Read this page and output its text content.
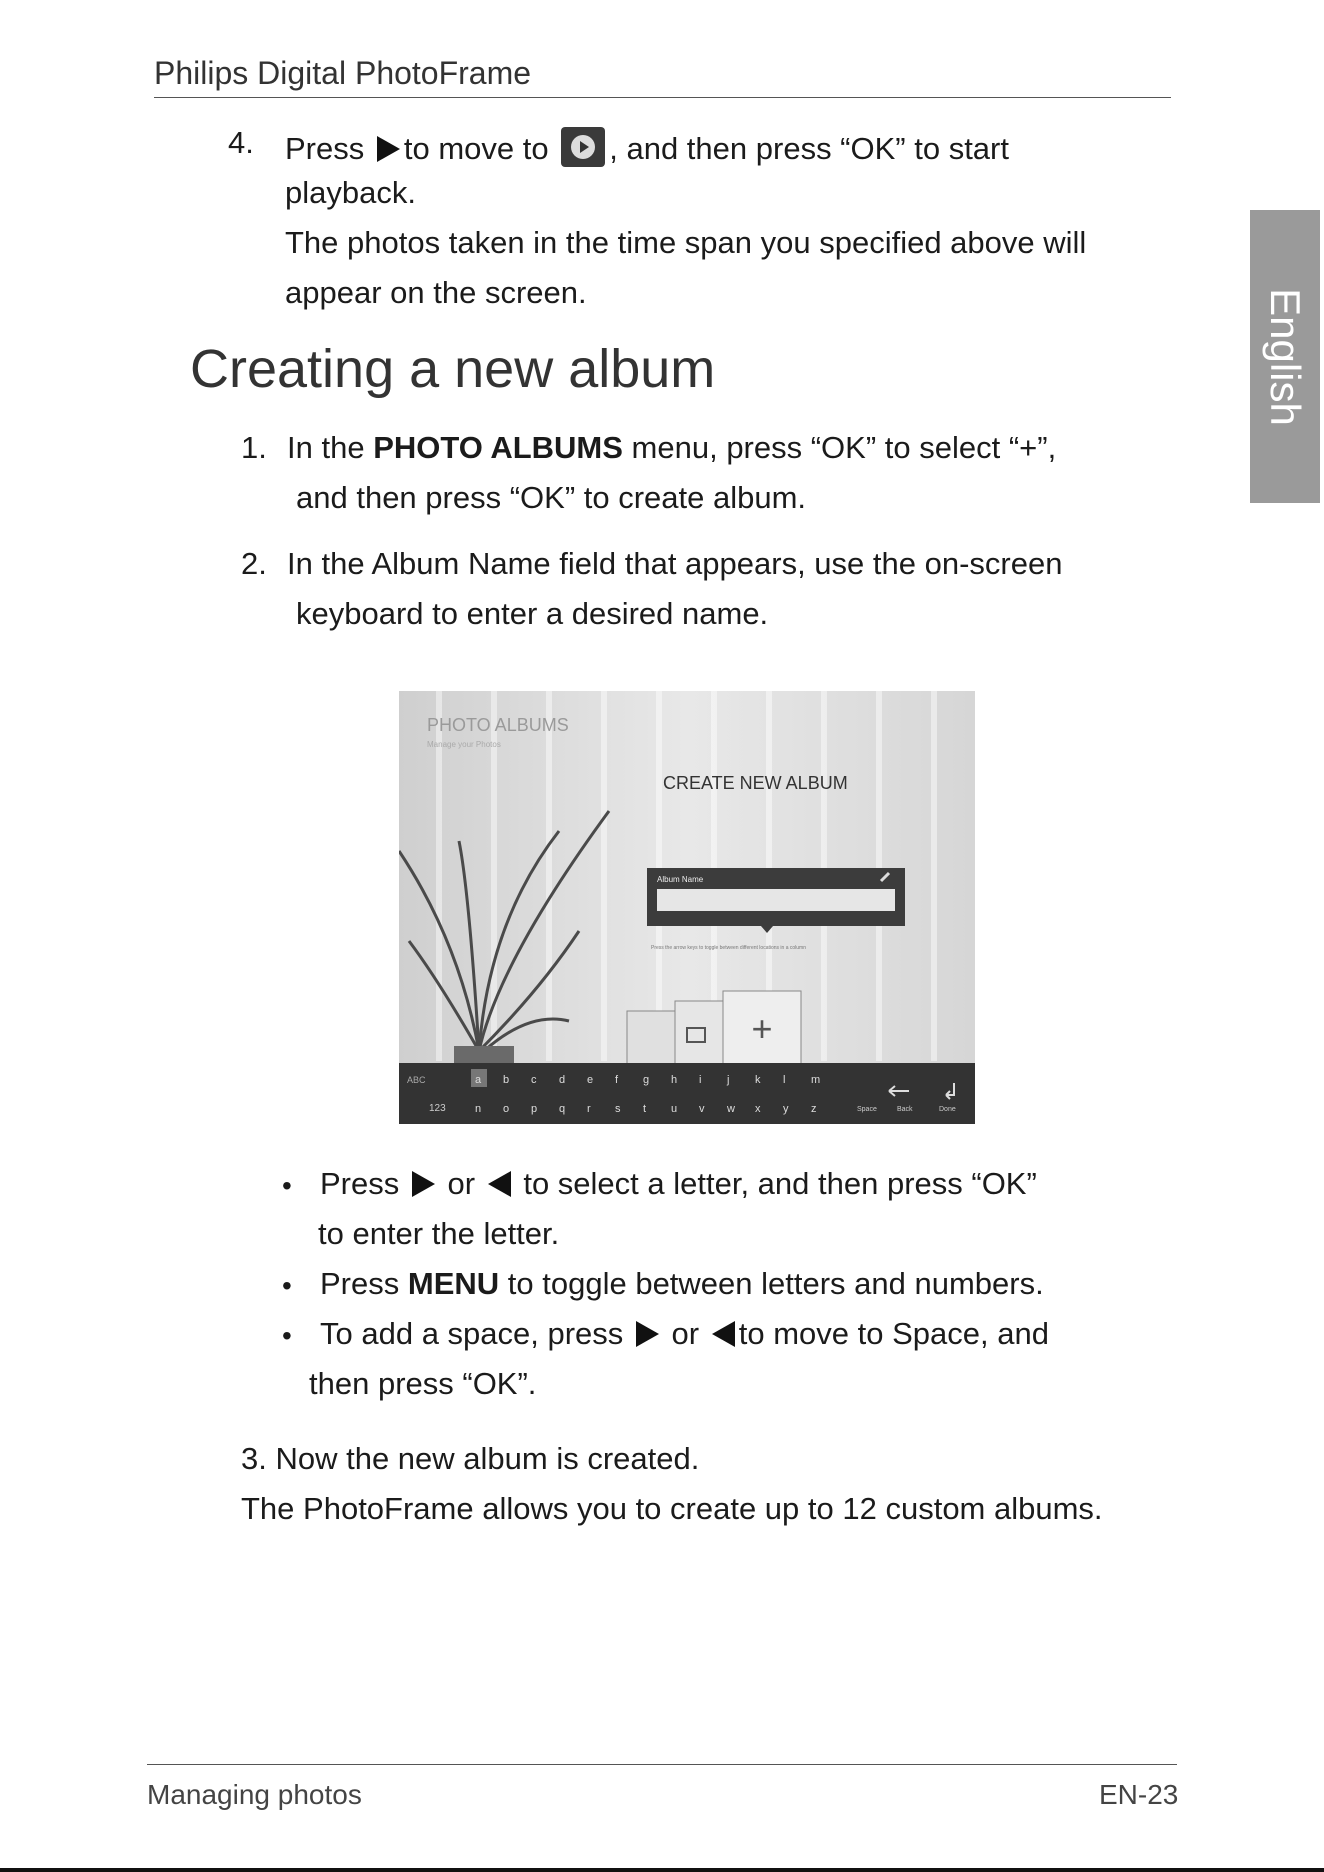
Philips Digital PhotoFrame
English
4. Press to move to , and then press “OK” to start
playback.
The photos taken in the time span you specified above will
appear on the screen.
Creating a new album
1. In the PHOTO ALBUMS menu, press “OK” to select “+”,
and then press “OK” to create album.
2. In the Album Name field that appears, use the on-screen
keyboard to enter a desired name.
PHOTO ALBUMS
Manage your Photos
CREATE NEW ALBUM
Album Name
Press the arrow keys to toggle between different locations in a column
+
ABC
123
a b c d e f g h i j k l m
n o p q r s t u v w x y z	Space	Back	Done
• Press or to select a letter, and then press “OK”
to enter the letter.
• Press MENU to toggle between letters and numbers.
• To add a space, press or to move to Space, and
then press “OK”.
3. Now the new album is created.
The PhotoFrame allows you to create up to 12 custom albums.
Managing photos	EN-23
